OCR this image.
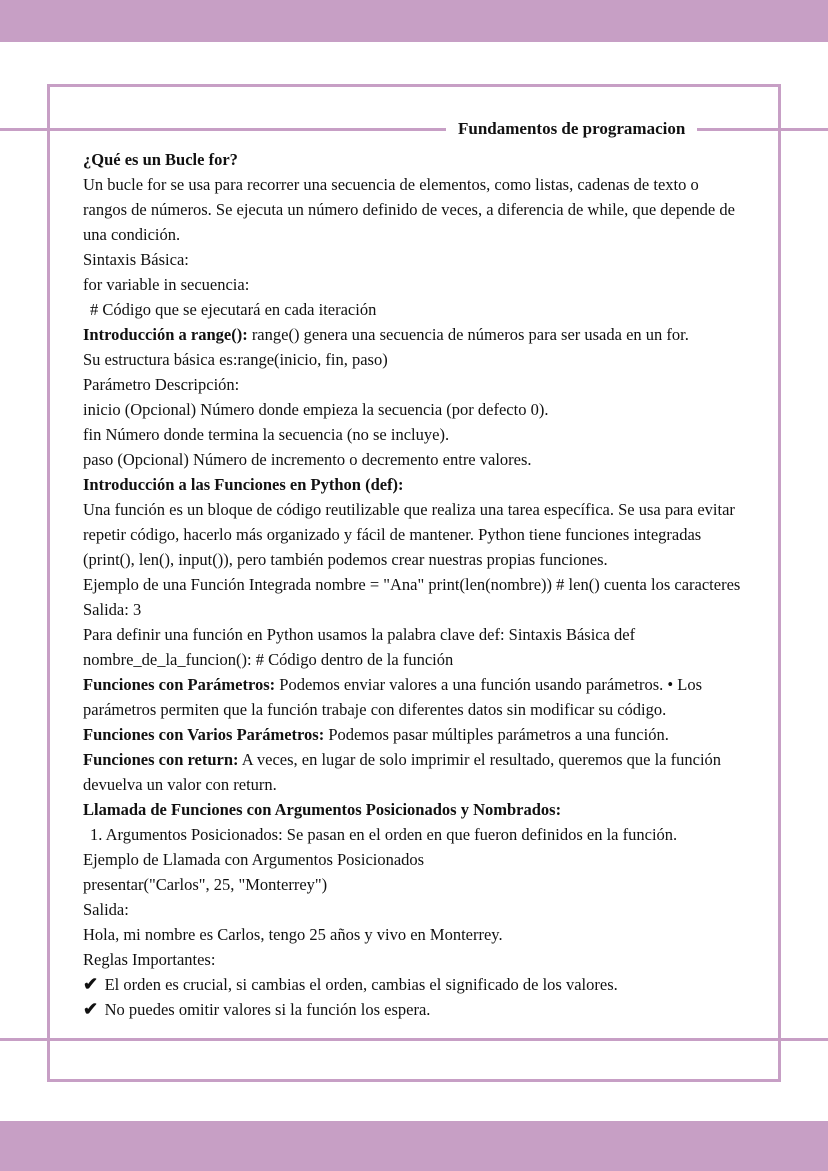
Fundamentos de programacion

¿Qué es un Bucle for?

Un bucle for se usa para recorrer una secuencia de elementos, como listas, cadenas de texto o rangos de números. Se ejecuta un número definido de veces, a diferencia de while, que depende de una condición.

Sintaxis Básica:

for variable in secuencia:

# Código que se ejecutará en cada iteración

Introducción a range(): range() genera una secuencia de números para ser usada en un for.

Su estructura básica es:range(inicio, fin, paso)

Parámetro Descripción:

inicio (Opcional) Número donde empieza la secuencia (por defecto 0).

fin Número donde termina la secuencia (no se incluye).

paso (Opcional) Número de incremento o decremento entre valores.

Introducción a las Funciones en Python (def):

Una función es un bloque de código reutilizable que realiza una tarea específica. Se usa para evitar repetir código, hacerlo más organizado y fácil de mantener. Python tiene funciones integradas (print(), len(), input()), pero también podemos crear nuestras propias funciones.

Ejemplo de una Función Integrada nombre = "Ana" print(len(nombre)) # len() cuenta los caracteres

Salida: 3

Para definir una función en Python usamos la palabra clave def: Sintaxis Básica def nombre_de_la_funcion(): # Código dentro de la función

Funciones con Parámetros: Podemos enviar valores a una función usando parámetros. • Los parámetros permiten que la función trabaje con diferentes datos sin modificar su código.

Funciones con Varios Parámetros: Podemos pasar múltiples parámetros a una función.

Funciones con return: A veces, en lugar de solo imprimir el resultado, queremos que la función devuelva un valor con return.

Llamada de Funciones con Argumentos Posicionados y Nombrados:

1. Argumentos Posicionados: Se pasan en el orden en que fueron definidos en la función.

Ejemplo de Llamada con Argumentos Posicionados

presentar("Carlos", 25, "Monterrey")

Salida:

Hola, mi nombre es Carlos, tengo 25 años y vivo en Monterrey.

Reglas Importantes:

✔ El orden es crucial, si cambias el orden, cambias el significado de los valores.

✔ No puedes omitir valores si la función los espera.
